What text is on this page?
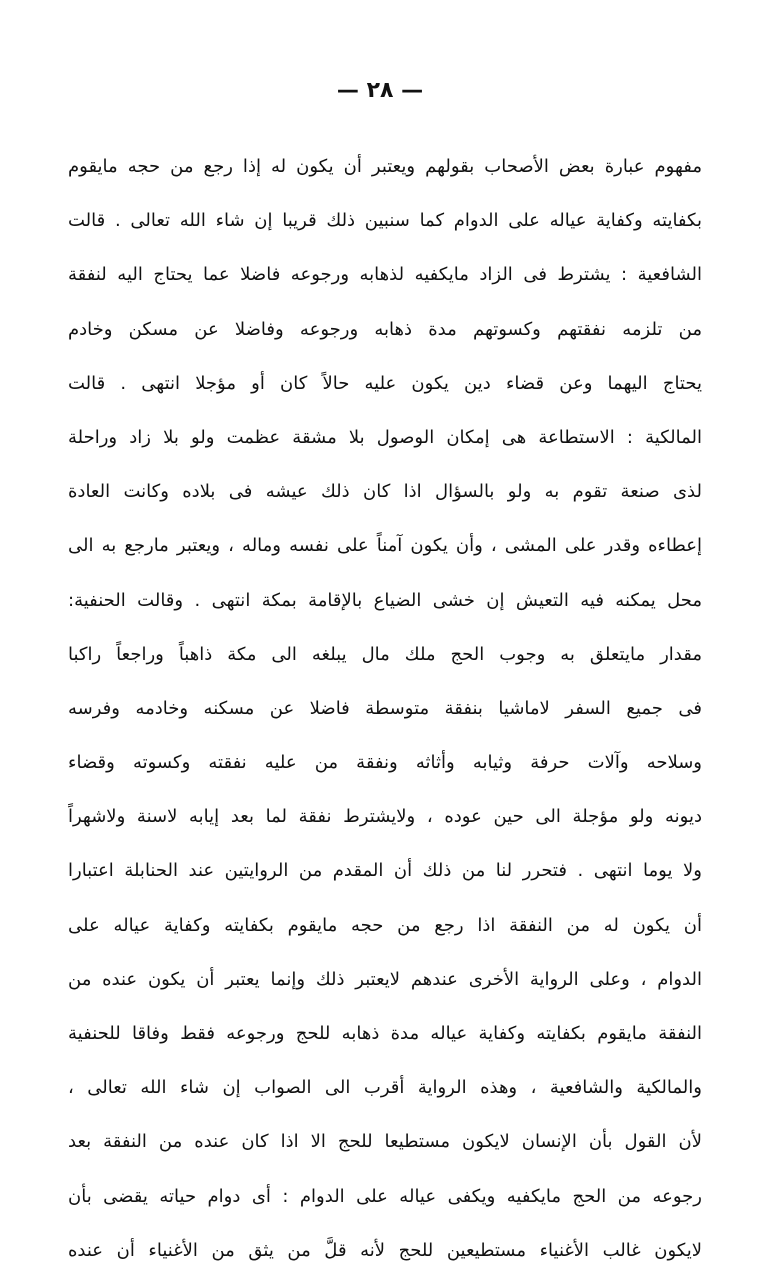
— ٢٨ —
مفهوم عبارة بعض الأصحاب بقولهم ويعتبر أن يكون له إذا رجع من حجه مايقوم
بكفايته وكفاية عياله على الدوام كما سنبين ذلك قريبا إن شاء الله تعالى . قالت
الشافعية : يشترط فى الزاد مايكفيه لذهابه ورجوعه فاضلا عما يحتاج اليه لنفقة
من تلزمه نفقتهم وكسوتهم مدة ذهابه ورجوعه وفاضلا عن مسكن وخادم
يحتاج اليهما وعن قضاء دين يكون عليه حالاً كان أو مؤجلا انتهى . قالت
المالكية : الاستطاعة هى إمكان الوصول بلا مشقة عظمت ولو بلا زاد وراحلة
لذى صنعة تقوم به ولو بالسؤال اذا كان ذلك عيشه فى بلاده وكانت العادة
إعطاءه وقدر على المشى ، وأن يكون آمناً على نفسه وماله ، ويعتبر مارجع به الى
محل يمكنه فيه التعيش إن خشى الضياع بالإقامة بمكة انتهى . وقالت الحنفية:
مقدار مايتعلق به وجوب الحج ملك مال يبلغه الى مكة ذاهباً وراجعاً راكبا
فى جميع السفر لاماشيا بنفقة متوسطة فاضلا عن مسكنه وخادمه وفرسه
وسلاحه وآلات حرفة وثيابه وأثاثه ونفقة من عليه نفقته وكسوته وقضاء
ديونه ولو مؤجلة الى حين عوده ، ولايشترط نفقة لما بعد إيابه لاسنة ولاشهراً
ولا يوما انتهى . فتحرر لنا من ذلك أن المقدم من الروايتين عند الحنابلة اعتبارا
أن يكون له من النفقة اذا رجع من حجه مايقوم بكفايته وكفاية عياله على
الدوام ، وعلى الرواية الأخرى عندهم لايعتبر ذلك وإنما يعتبر أن يكون عنده من
النفقة مايقوم بكفايته وكفاية عياله مدة ذهابه للحج ورجوعه فقط وفاقا للحنفية
والمالكية والشافعية ، وهذه الرواية أقرب الى الصواب إن شاء الله تعالى ،
لأن القول بأن الإنسان لايكون مستطيعا للحج الا اذا كان عنده من النفقة بعد
رجوعه من الحج مايكفيه ويكفى عياله على الدوام : أى دوام حياته يقضى بأن
لايكون غالب الأغنياء مستطيعين للحج لأنه قلَّ من يثق من الأغنياء أن عنده
